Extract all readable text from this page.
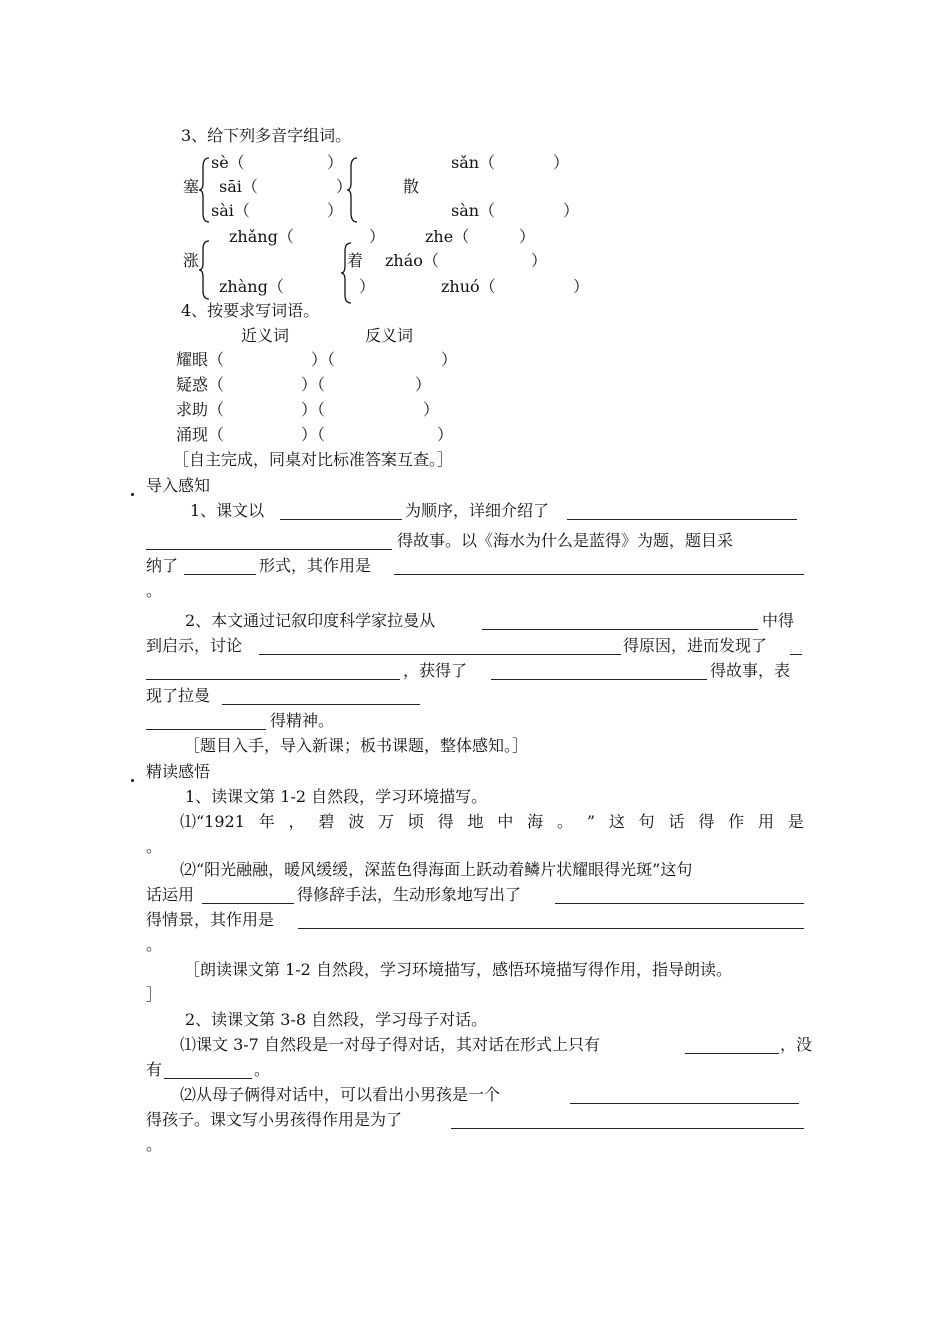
3、给下列多音字组词。
sè（	）
塞 sāi（	）
sài（	）
sǎn（	）
散
sàn（	）
zhǎng（	）
涨
zhàng（	）
zhe（	）
着 zháo（	）
zhuó（	）
4、按要求写词语。
近义词	反义词
耀眼（	）（	）
疑惑（	）（	）
求助（	）（	）
涌现（	）（	）
［自主完成，同桌对比标准答案互查。］
导入感知
1、课文以	为顺序，详细介绍了
得故事。以《海水为什么是蓝得》为题，题目采
纳了	形式，其作用是
。
2、本文通过记叙印度科学家拉曼从	中得
到启示，讨论	得原因，进而发现了
，获得了	得故事，表
现了拉曼
得精神。
［题目入手，导入新课；板书课题，整体感知。］
精读感悟
1、读课文第 1-2 自然段，学习环境描写。
⑴“1921 年 ， 碧 波 万 顷 得 地 中 海 。 ” 这 句 话 得 作 用 是
。
⑵“阳光融融，暖风缓缓，深蓝色得海面上跃动着鳞片状耀眼得光斑”这句
话运用	得修辞手法，生动形象地写出了
得情景，其作用是
。
［朗读课文第 1-2 自然段，学习环境描写，感悟环境描写得作用，指导朗读。
］
2、读课文第 3-8 自然段，学习母子对话。
⑴课文 3-7 自然段是一对母子得对话，其对话在形式上只有	，没
有	。
⑵从母子俩得对话中，可以看出小男孩是一个
得孩子。课文写小男孩得作用是为了
。
